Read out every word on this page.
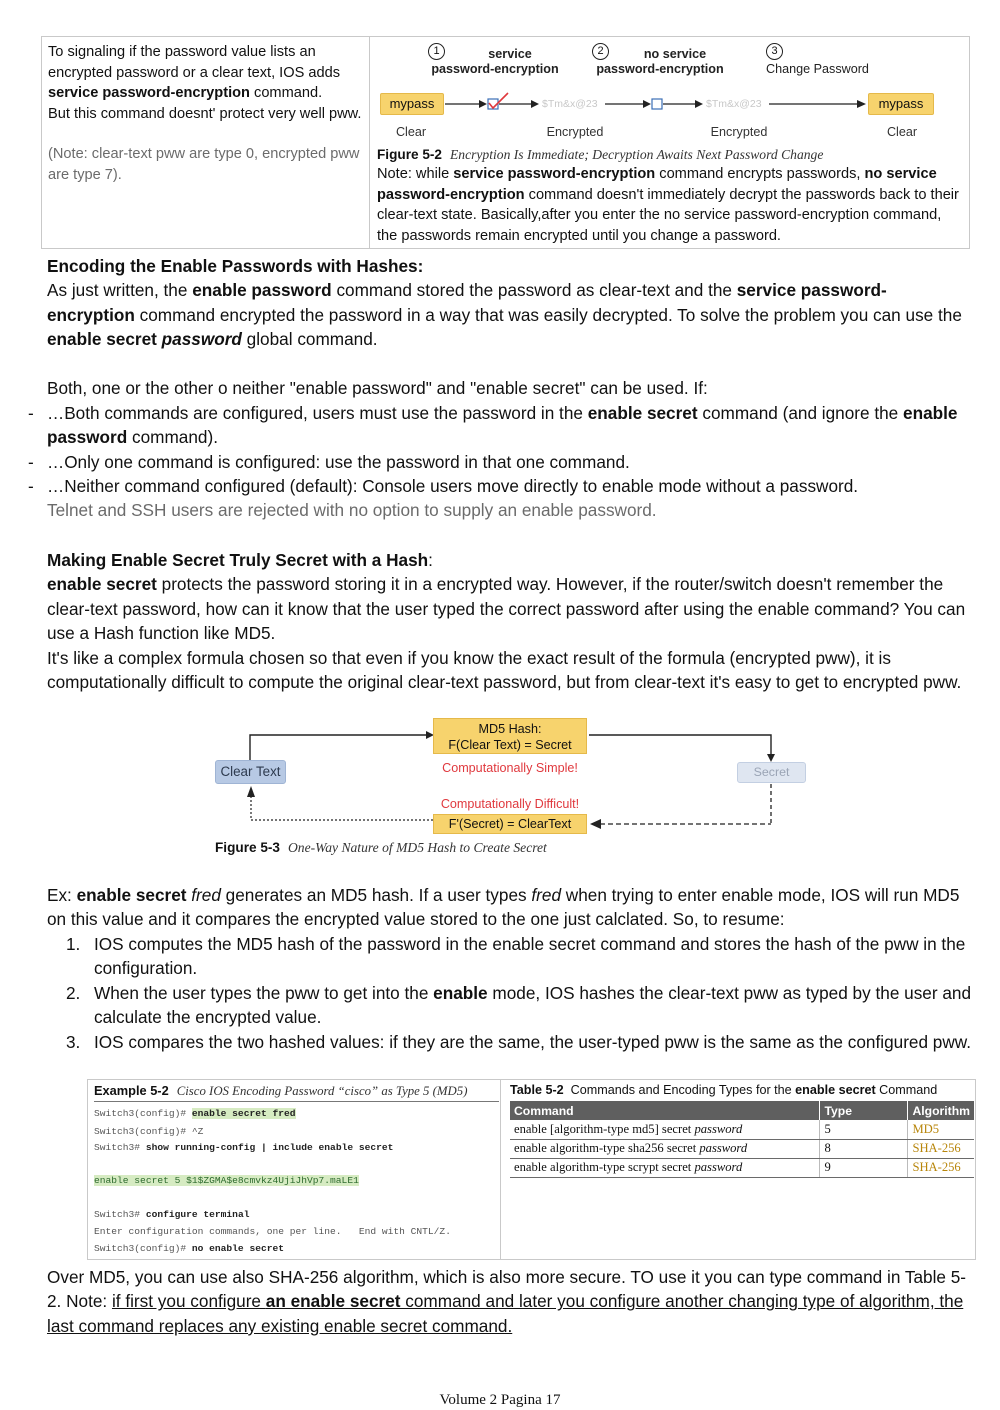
To signaling if the password value lists an encrypted password or a clear text, IOS adds service password-encryption command.
But this command doesnt' protect very well pww.
(Note: clear-text pww are type 0, encrypted pww are type 7).
1	service
password-encryption
2	no service
password-encryption
3
Change Password
mypass	mypass
$Tm&x@23	$Tm&x@23
Clear	Encrypted	Encrypted	Clear
Figure 5-2 Encryption Is Immediate; Decryption Awaits Next Password Change
Note: while service password-encryption command encrypts passwords, no service password-encryption command doesn't immediately decrypt the passwords back to their clear-text state. Basically,after you enter the no service password-encryption command, the passwords remain encrypted until you change a password.
Encoding the Enable Passwords with Hashes:
As just written, the enable password command stored the password as clear-text and the service password-encryption command encrypted the password in a way that was easily decrypted. To solve the problem you can use the enable secret password global command.
Both, one or the other o neither "enable password" and "enable secret" can be used. If:
- …Both commands are configured, users must use the password in the enable secret command (and ignore the enable password command).
- …Only one command is configured: use the password in that one command.
- …Neither command configured (default): Console users move directly to enable mode without a password.
Telnet and SSH users are rejected with no option to supply an enable password.
Making Enable Secret Truly Secret with a Hash:
enable secret protects the password storing it in a encrypted way. However, if the router/switch doesn't remember the clear-text password, how can it know that the user typed the correct password after using the enable command? You can use a Hash function like MD5.
It's like a complex formula chosen so that even if you know the exact result of the formula (encrypted pww), it is computationally difficult to compute the original clear-text password, but from clear-text it's easy to get to encrypted pww.
MD5 Hash:
F(Clear Text) = Secret
Computationally Simple!
Clear Text	Secret
Computationally Difficult!
F'(Secret) = ClearText
Figure 5-3 One-Way Nature of MD5 Hash to Create Secret
Ex: enable secret fred generates an MD5 hash. If a user types fred when trying to enter enable mode, IOS will run MD5 on this value and it compares the encrypted value stored to the one just calclated. So, to resume:
1. IOS computes the MD5 hash of the password in the enable secret command and stores the hash of the pww in the configuration.
2. When the user types the pww to get into the enable mode, IOS hashes the clear-text pww as typed by the user and calculate the encrypted value.
3. IOS compares the two hashed values: if they are the same, the user-typed pww is the same as the configured pww.
Example 5-2 Cisco IOS Encoding Password “cisco” as Type 5 (MD5)
Switch3(config)# enable secret fred
Switch3(config)# ^Z
Switch3# show running-config | include enable secret
enable secret 5 $1$ZGMA$e8cmvkz4UjiJhVp7.maLE1
Switch3# configure terminal
Enter configuration commands, one per line.   End with CNTL/Z.
Switch3(config)# no enable secret
Table 5-2 Commands and Encoding Types for the enable secret Command
Command	Type	Algorithm
enable [algorithm-type md5] secret password	5	MD5
enable algorithm-type sha256 secret password	8	SHA-256
enable algorithm-type scrypt secret password	9	SHA-256
Over MD5, you can use also SHA-256 algorithm, which is also more secure. TO use it you can type command in Table 5-2. Note: if first you configure an enable secret command and later you configure another changing type of algorithm, the last command replaces any existing enable secret command.
Volume 2 Pagina 17
